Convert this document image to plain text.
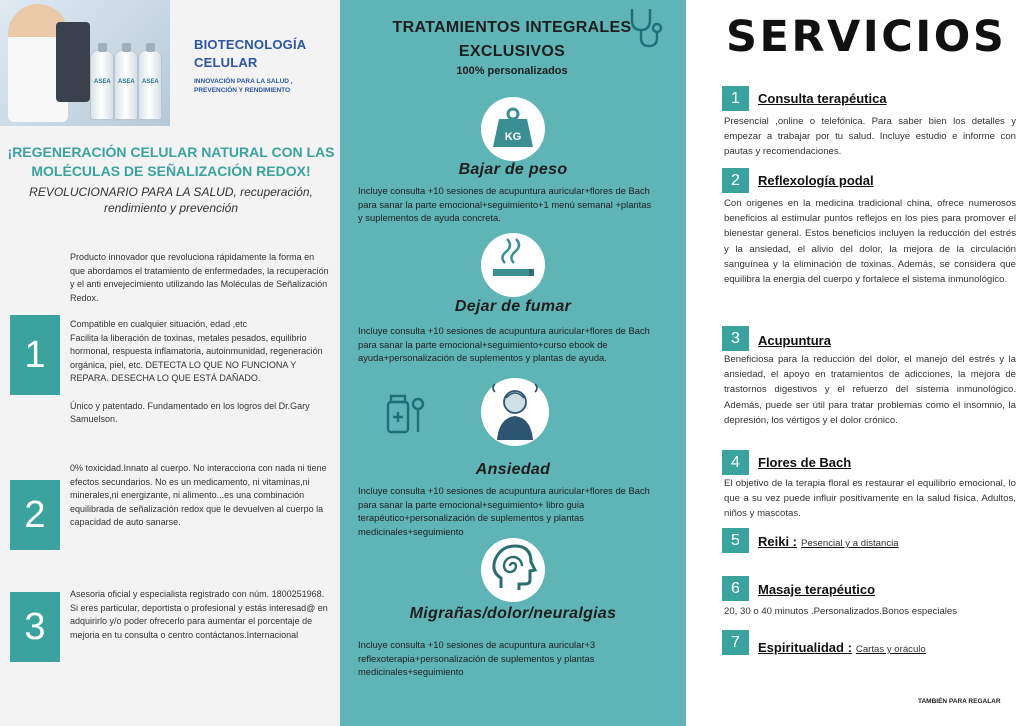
ASEA ASEA ASEA
BIOTECNOLOGÍA CELULAR
INNOVACIÓN PARA LA SALUD , PREVENCIÓN Y RENDIMIENTO
¡REGENERACIÓN CELULAR NATURAL CON LAS MOLÉCULAS DE SEÑALIZACIÓN REDOX!

REVOLUCIONARIO PARA LA SALUD, recuperación, rendimiento y prevención

Producto innovador que revoluciona rápidamente la forma en que abordamos el tratamiento de enfermedades, la recuperación y el anti envejecimiento utilizando las Moléculas de Señalización Redox.

1

Compatible en cualquier situación, edad ,etc
Facilita la liberación de toxinas, metales pesados, equilibrio hormonal, respuesta inflamatoria, autoinmunidad, regeneración orgánica, piel, etc. DETECTA LO QUE NO FUNCIONA Y REPARA. DESECHA LO QUE ESTÁ DAÑADO.

Único y patentado. Fundamentado en los logros del Dr.Gary Samuelson.

2

0% toxicidad.Innato al cuerpo. No interacciona con nada ni tiene efectos secundarios. No es un medicamento, ni vitaminas,ni minerales,ni energizante, ni alimento...es una combinación equilibrada de señalización redox que le devuelven al cuerpo la capacidad de auto sanarse.

3

Asesoria oficial y especialista registrado con núm. 1800251968.
Si eres particular, deportista o profesional y estás interesad@ en adquirirlo y/o poder ofrecerlo para aumentar el porcentaje de mejoria en tu consulta o centro contáctanos.Internacional

TRATAMIENTOS INTEGRALES EXCLUSIVOS
100% personalizados
KG
Bajar de peso

Incluye consulta +10 sesiones de acupuntura auricular+flores de Bach para sanar la parte emocional+seguimiento+1 menú semanal +plantas y suplementos de ayuda concreta.

Dejar de fumar

Incluye consulta +10 sesiones de acupuntura auricular+flores de Bach para sanar la parte emocional+seguimiento+curso ebook de ayuda+personalización de suplementos y plantas de ayuda.

Ansiedad

Incluye consulta +10 sesiones de acupuntura auricular+flores de Bach para sanar la parte emocional+seguimiento+ libro guia terapéutico+personalización de suplementos y plantas medicinales+seguimiento

Migrañas/dolor/neuralgias

Incluye consulta +10 sesiones de acupuntura auricular+3 reflexoterapia+personalización de suplementos y plantas medicinales+seguimiento

SERVICIOS
1	Consulta terapéutica

Presencial ,online o telefónica. Para saber bien los detalles y empezar a trabajar por tu salud. Incluye estudio e informe con pautas y recomendaciones.

2	Reflexología podal

Con origenes en la medicina tradicional china, ofrece numerosos beneficios al estimular puntos reflejos en los pies para promover el bienestar general. Estos beneficios incluyen la reducción del estrés y la ansiedad, el alivio del dolor, la mejora de la circulación sanguínea y la eliminación de toxinas. Además, se considera que equilibra la energia del cuerpo y fortalece el sistema inmunológico.

3	Acupuntura

Beneficiosa para la reducción del dolor, el manejo del estrés y la ansiedad, el apoyo en tratamientos de adicciones, la mejora de trastornos digestivos y el refuerzo del sistema inmunológico. Además, puede ser útil para tratar problemas como el insomnio, la depresión, los vértigos y el dolor crónico.

4	Flores de Bach

El objetivo de la terapia floral es restaurar el equilibrio emocional, lo que a su vez puede influir positivamente en la salud física. Adultos, niños y mascotas.

5	Reiki : Pesencial y a distancia
6	Masaje terapéutico

20, 30 o 40 minutos .Personalizados.Bonos especiales

7	Espiritualidad : Cartas y oráculo
TAMBIÉN PARA REGALAR
